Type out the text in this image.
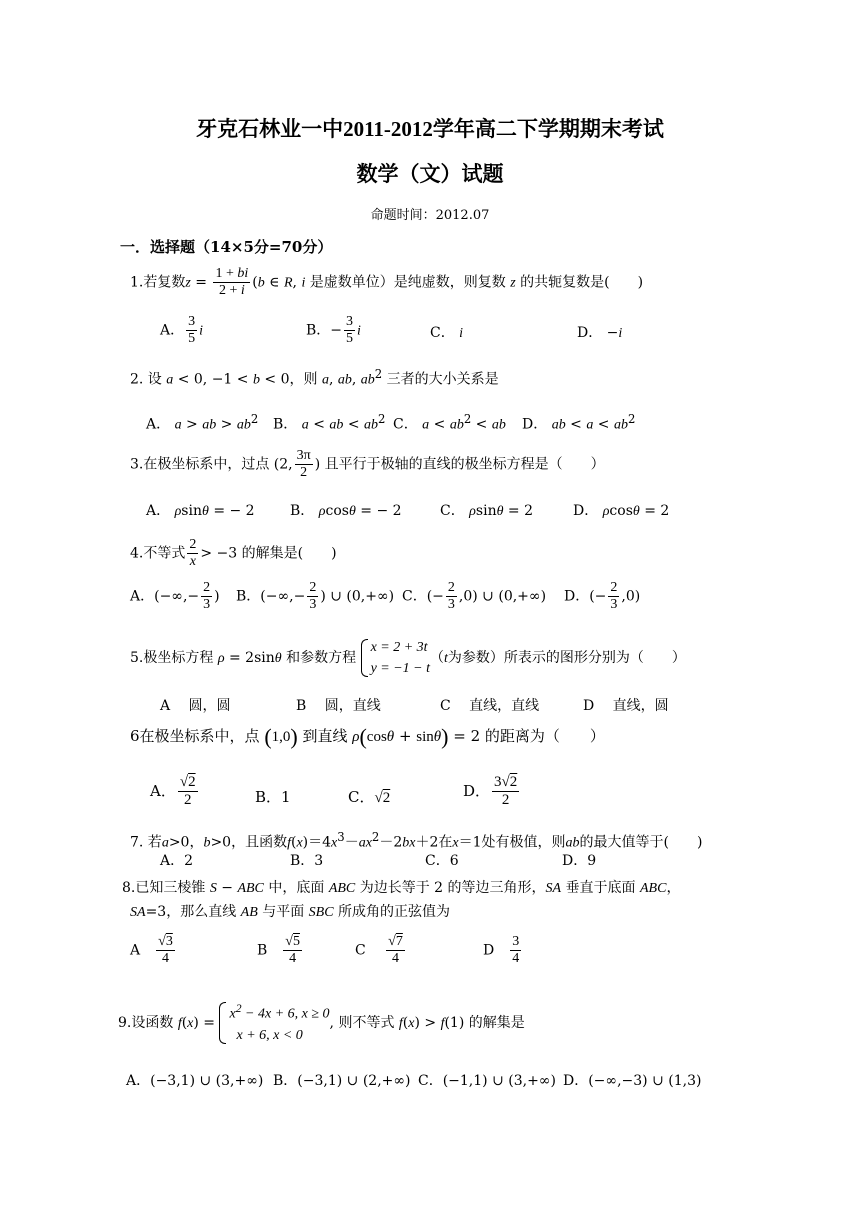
牙克石林业一中2011-2012学年高二下学期期末考试
数学（文）试题
命题时间：2012.07
一．选择题（14×5分=70分）
1.若复数$z = \frac{1 + bi}{2 + i} (b$ ∈ R, i 是虚数单位）是纯虚数，则复数 z 的共轭复数是(　　)
A． $\frac{3}{5}$ i	B．− $\frac{3}{5}$ i	C． i	D． −i
2. 设 a < 0, −1 < b < 0，则 a, ab, $ab^2$ 三者的大小关系是
A． a > ab > $ab^2$ B． a < ab < $ab^2$ C． $a < ab^2$ < ab D． ab < $a < ab^2$
3.在极坐标系中，过点 (2, $\frac{3\pi}{2}$ ) 且平行于极轴的直线的极坐标方程是（　　）
A． ρsinθ = − 2	B． ρcosθ = − 2	C． ρsinθ = 2	D． ρcosθ = 2
4.不等式 $\frac{2}{x} > -3$ 的解集是(　　)
A．(−∞,− $\frac{2}{3}$ ) B．(−∞,− $\frac{2}{3}$ ) ∪ (0,+∞) C．(− $\frac{2}{3} ,0$) ∪ (0,+∞) D．(− $\frac{2}{3} ,0$)
5.极坐标方程 ρ = 2sinθ 和参数方程
x = 2 + 3t
y = −1 − t
（t为参数）所表示的图形分别为（　　）
A　 圆，圆	B　 圆，直线	C　 直线，直线	D　 直线，圆
6在极坐标系中，点 (1,0) 到直线 ρ(cosθ + sinθ) = 2 的距离为（　　）
A． $\frac{√2}{2}$	B．1	C．√2	D． $\frac{3√2}{2}$
7. 若a>0，b>0，且函数$f(x)=4x^3-ax^2-2bx+2$在x＝1处有极值，则ab的最大值等于(　　)
A．2	B．3	C．6	D．9
8.已知三棱锥 S − ABC 中，底面 ABC 为边长等于 2 的等边三角形，SA 垂直于底面 ABC，
SA=3，那么直线 AB 与平面 SBC 所成角的正弦值为
A　 $\frac{√3}{4}$	B　 $\frac{√5}{4}$	C　 $\frac{√7}{4}$	D　 $\frac{3}{4}$
9.设函数 f(x) =
$x^2 - 4x + 6$, x ≥ 0
x + 6, x < 0
, 则不等式 f(x) > f(1) 的解集是
A．(−3,1) ∪ (3,+∞) B．(−3,1) ∪ (2,+∞) C．(−1,1) ∪ (3,+∞) D．(−∞,−3) ∪ (1,3)
